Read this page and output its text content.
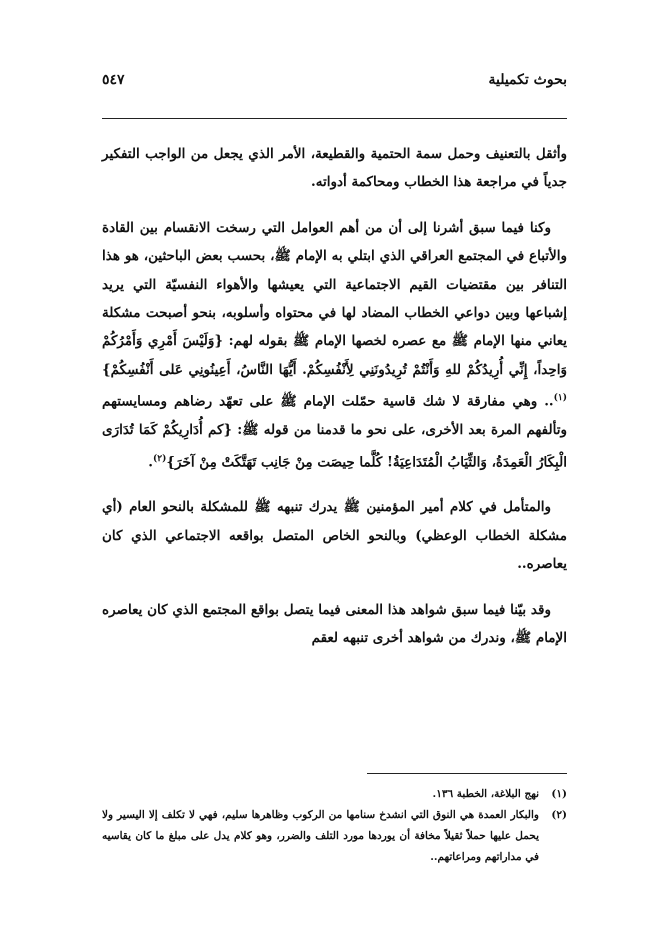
بحوث تكميلية
٥٤٧

وأثقل بالتعنيف وحمل سمة الحتمية والقطيعة، الأمر الذي يجعل من الواجب التفكير جدياً في مراجعة هذا الخطاب ومحاكمة أدواته.

وكنا فيما سبق أشرنا إلى أن من أهم العوامل التي رسخت الانقسام بين القادة والأتباع في المجتمع العراقي الذي ابتلي به الإمام ﷺ، بحسب بعض الباحثين، هو هذا التنافر بين مقتضيات القيم الاجتماعية التي يعيشها والأهواء النفسيّة التي يريد إشباعها وبين دواعي الخطاب المضاد لها في محتواه وأسلوبه، بنحو أصبحت مشكلة يعاني منها الإمام ﷺ مع عصره لخصها الإمام ﷺ بقوله لهم: {وَلَيْسَ أَمْرِي وَأَمْرُكُمْ وَاحِداً، إِنِّي أُرِيدُكُمْ للهِ وَأَنْتُمْ تُرِيدُونَنِي لِأَنْفُسِكُمْ. أَيُّهَا النَّاسُ، أَعِينُونِي عَلى أَنْفُسِكُمْ}$^{(١)}$‏.. وهي مفارقة لا شك قاسية حمّلت الإمام ﷺ على تعهّد رضاهم ومسايستهم وتألفهم المرة بعد الأخرى، على نحو ما قدمنا من قوله ﷺ: {كم أُدَارِيكُمْ كَمَا تُدَارَى الْبِكَارُ الْعَمِدَةُ، وَالثِّيَابُ الْمُتَدَاعِيَةُ! كُلَّما حِيصَت مِنْ جَانِب تَهَتَّكَتْ مِنْ آخَرَ}$^{(٢)}$.

والمتأمل في كلام أمير المؤمنين ﷺ يدرك تنبهه ﷺ للمشكلة بالنحو العام (أي مشكلة الخطاب الوعظي) وبالنحو الخاص المتصل بواقعه الاجتماعي الذي كان يعاصره..

وقد بيّنا فيما سبق شواهد هذا المعنى فيما يتصل بواقع المجتمع الذي كان يعاصره الإمام ﷺ، وندرك من شواهد أخرى تنبهه لعقم

(١)
نهج البلاغة، الخطبة ١٣٦.
(٢)
والبكار العمدة هي النوق التي انشدخ سنامها من الركوب وظاهرها سليم، فهي لا تكلف إلا اليسير ولا يحمل عليها حملاً ثقيلاً مخافة أن يوردها مورد التلف والضرر، وهو كلام يدل على مبلغ ما كان يقاسيه في مداراتهم ومراعاتهم..
